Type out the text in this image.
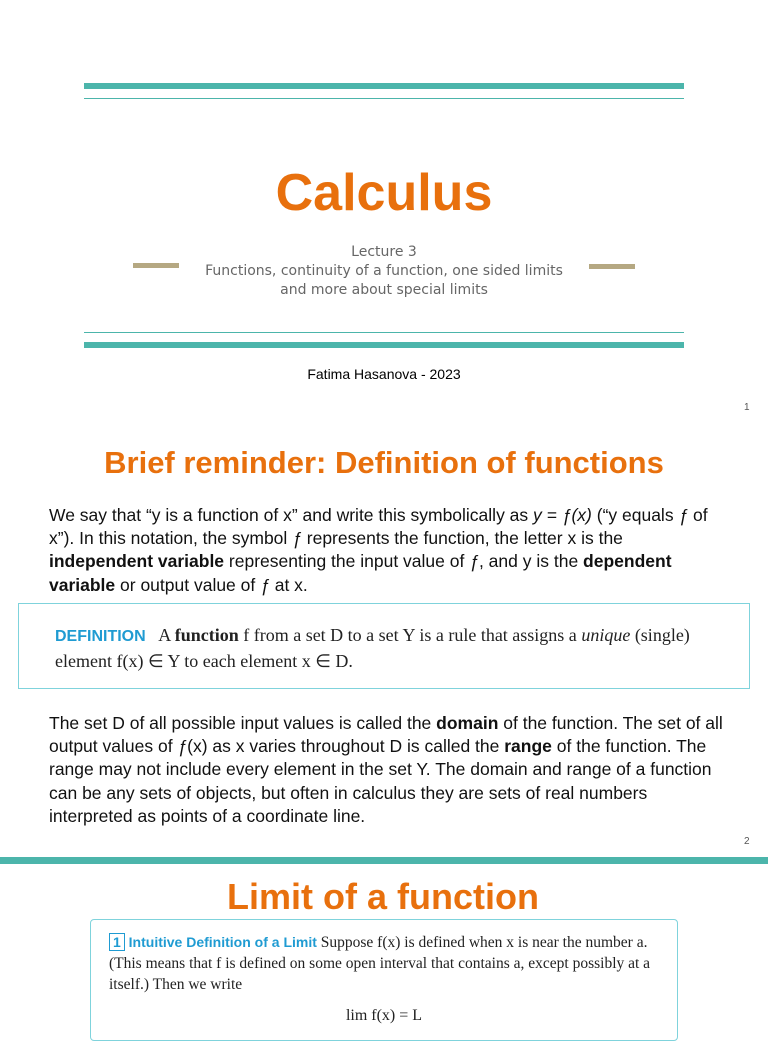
Calculus
Lecture 3
Functions, continuity of a function, one sided limits
and more about special limits
Fatima Hasanova - 2023
1
Brief reminder: Definition of functions
We say that “y is a function of x” and write this symbolically as y = ƒ(x) (“y equals ƒ of x”). In this notation, the symbol ƒ represents the function, the letter x is the independent variable representing the input value of ƒ, and y is the dependent variable or output value of ƒ at x.
DEFINITION A function f from a set D to a set Y is a rule that assigns a unique (single) element f(x) ∈ Y to each element x ∈ D.
The set D of all possible input values is called the domain of the function. The set of all output values of ƒ(x) as x varies throughout D is called the range of the function. The range may not include every element in the set Y. The domain and range of a function can be any sets of objects, but often in calculus they are sets of real numbers interpreted as points of a coordinate line.
2
Limit of a function
1 Intuitive Definition of a Limit Suppose f(x) is defined when x is near the number a. (This means that f is defined on some open interval that contains a, except possibly at a itself.) Then we write
lim f(x) = L
